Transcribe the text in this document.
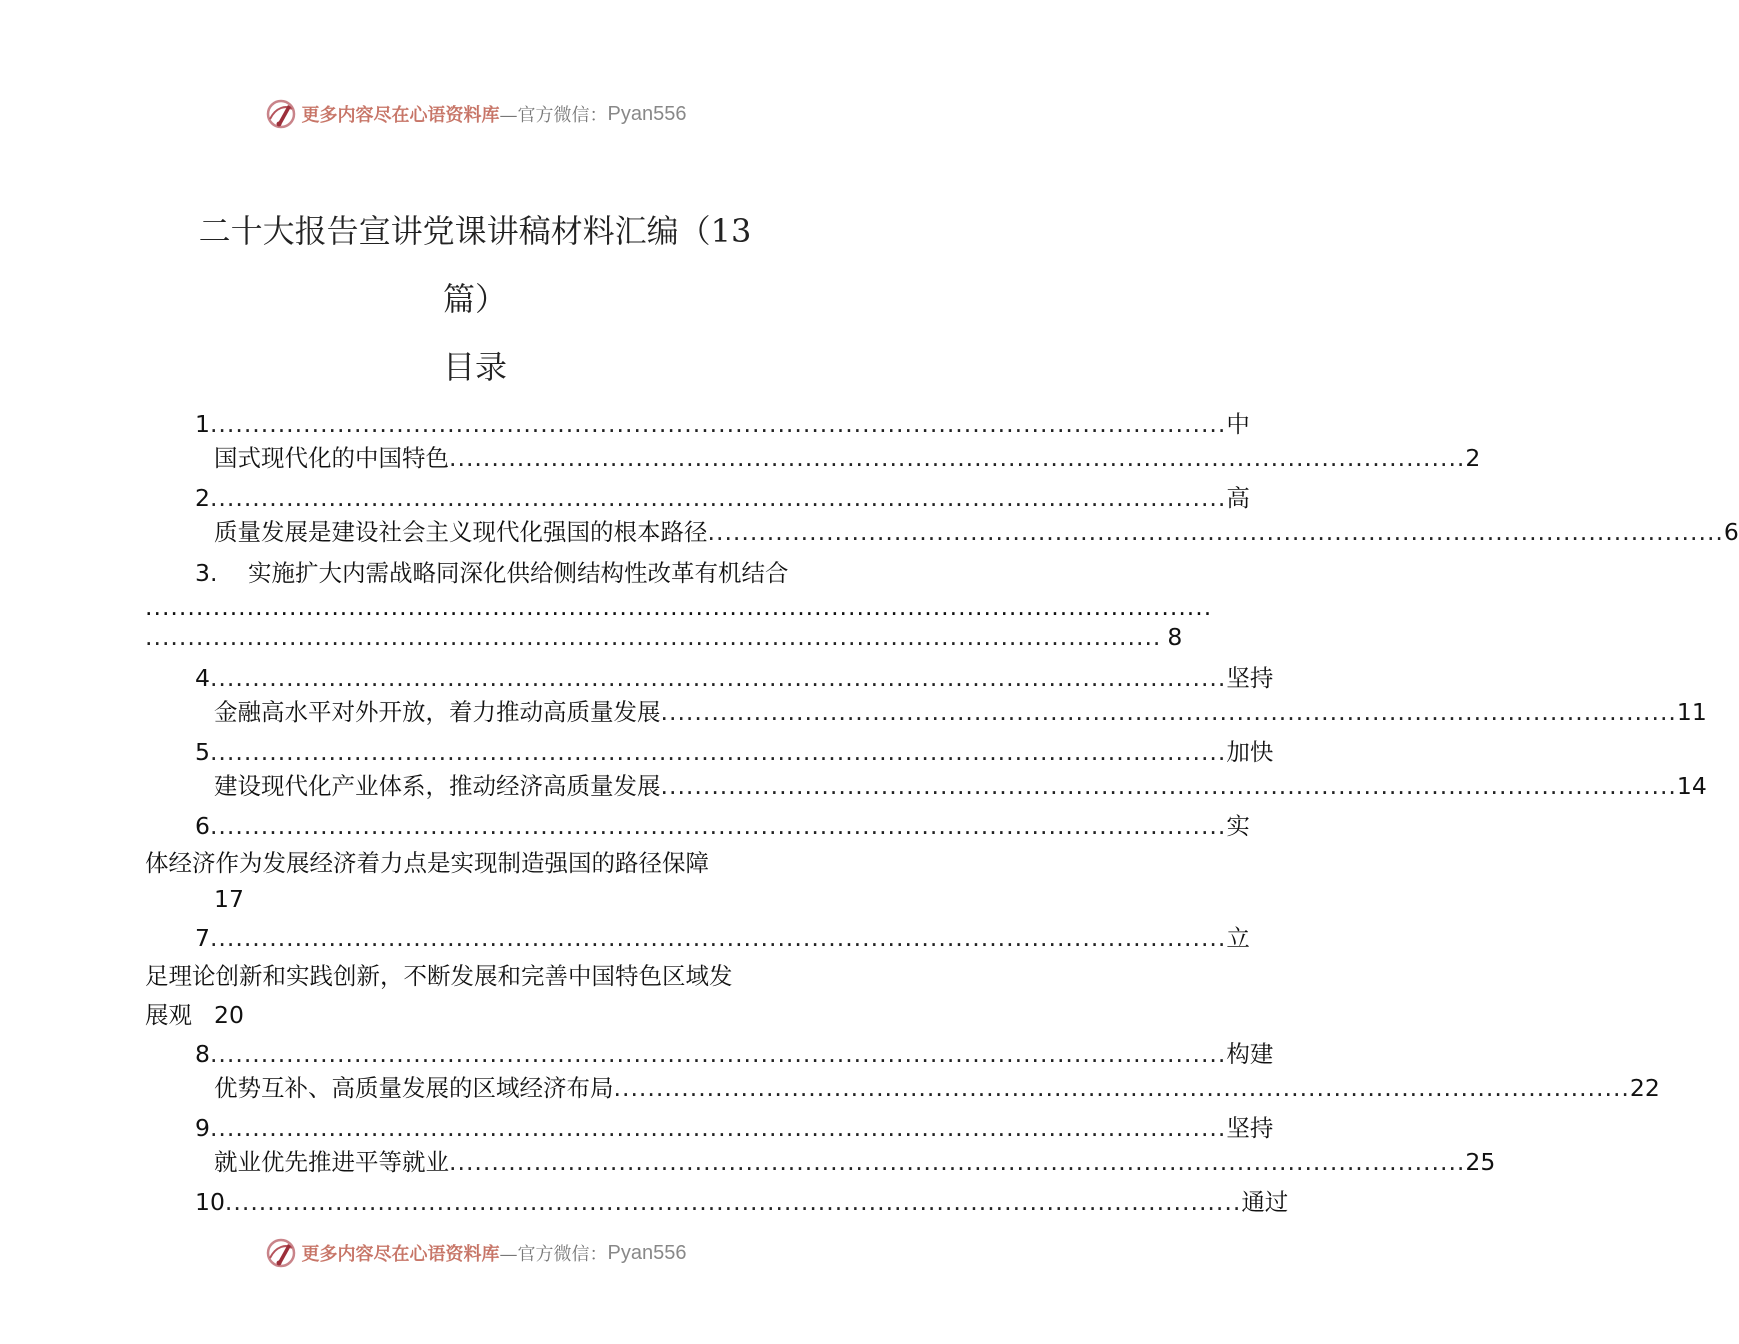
更多内容尽在心语资料库 —官方微信： Pyan556
二十大报告宣讲党课讲稿材料汇编（13
篇）
目录
1 ........................................................................................................................ 中
国式现代化的中国特色 ........................................................................................................................ 2
2 ........................................................................................................................ 高
质量发展是建设社会主义现代化强国的根本路径 ........................................................................................................................ 6
3. 实施扩大内需战略同深化供给侧结构性改革有机结合
..............................................................................................................................
........................................................................................................................ 8
4 ........................................................................................................................ 坚持
金融高水平对外开放，着力推动高质量发展 ........................................................................................................................ 11
5 ........................................................................................................................ 加快
建设现代化产业体系，推动经济高质量发展 ........................................................................................................................ 14
6 ........................................................................................................................ 实
体经济作为发展经济着力点是实现制造强国的路径保障
17
7 ........................................................................................................................ 立
足理论创新和实践创新，不断发展和完善中国特色区域发
展观 20
8 ........................................................................................................................ 构建
优势互补、高质量发展的区域经济布局 ........................................................................................................................ 22
9 ........................................................................................................................ 坚持
就业优先推进平等就业 ........................................................................................................................ 25
10 ........................................................................................................................ 通过
更多内容尽在心语资料库 —官方微信： Pyan556
